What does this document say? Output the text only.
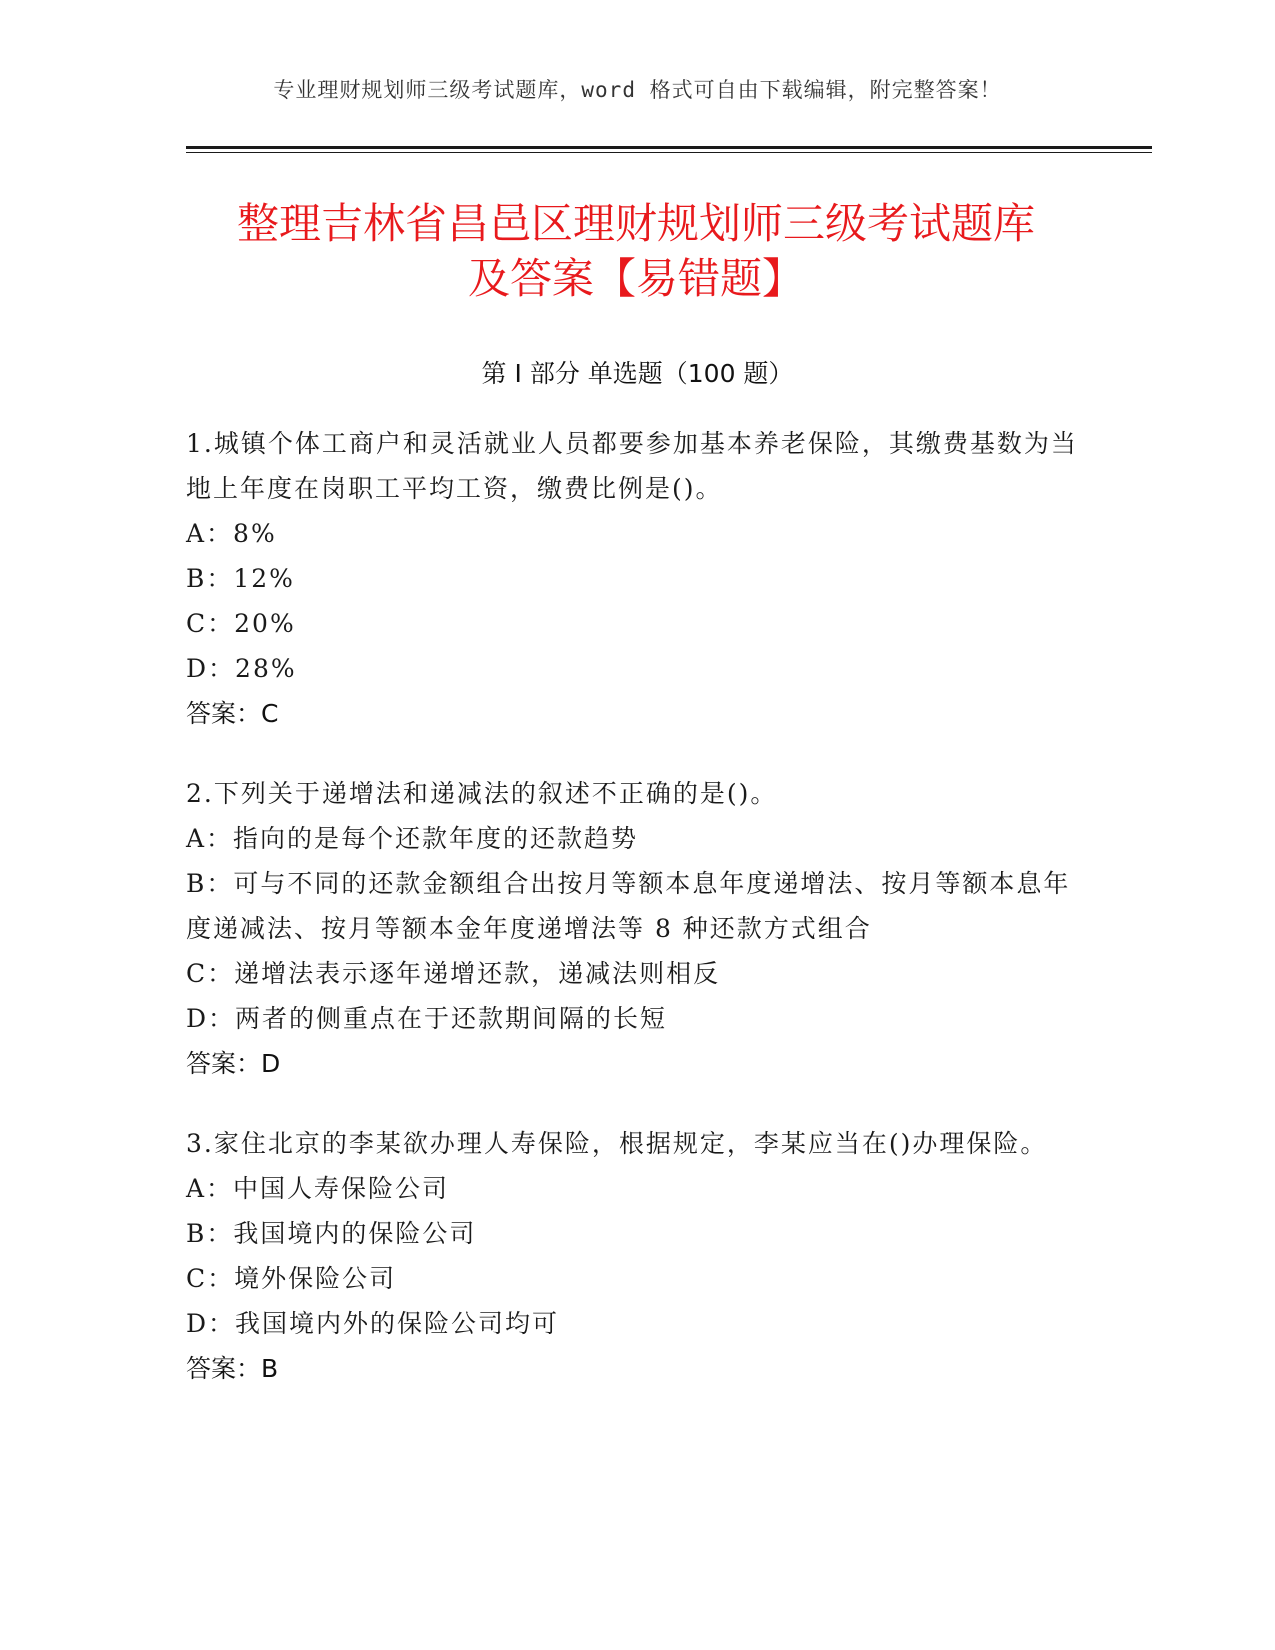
专业理财规划师三级考试题库，word 格式可自由下载编辑，附完整答案！
整理吉林省昌邑区理财规划师三级考试题库
及答案【易错题】
第 I 部分 单选题（100 题）
1.城镇个体工商户和灵活就业人员都要参加基本养老保险，其缴费基数为当地上年度在岗职工平均工资，缴费比例是()。
A：8%
B：12%
C：20%
D：28%
答案：C
2.下列关于递增法和递减法的叙述不正确的是()。
A：指向的是每个还款年度的还款趋势
B：可与不同的还款金额组合出按月等额本息年度递增法、按月等额本息年度递减法、按月等额本金年度递增法等 8 种还款方式组合
C：递增法表示逐年递增还款，递减法则相反
D：两者的侧重点在于还款期间隔的长短
答案：D
3.家住北京的李某欲办理人寿保险，根据规定，李某应当在()办理保险。
A：中国人寿保险公司
B：我国境内的保险公司
C：境外保险公司
D：我国境内外的保险公司均可
答案：B
